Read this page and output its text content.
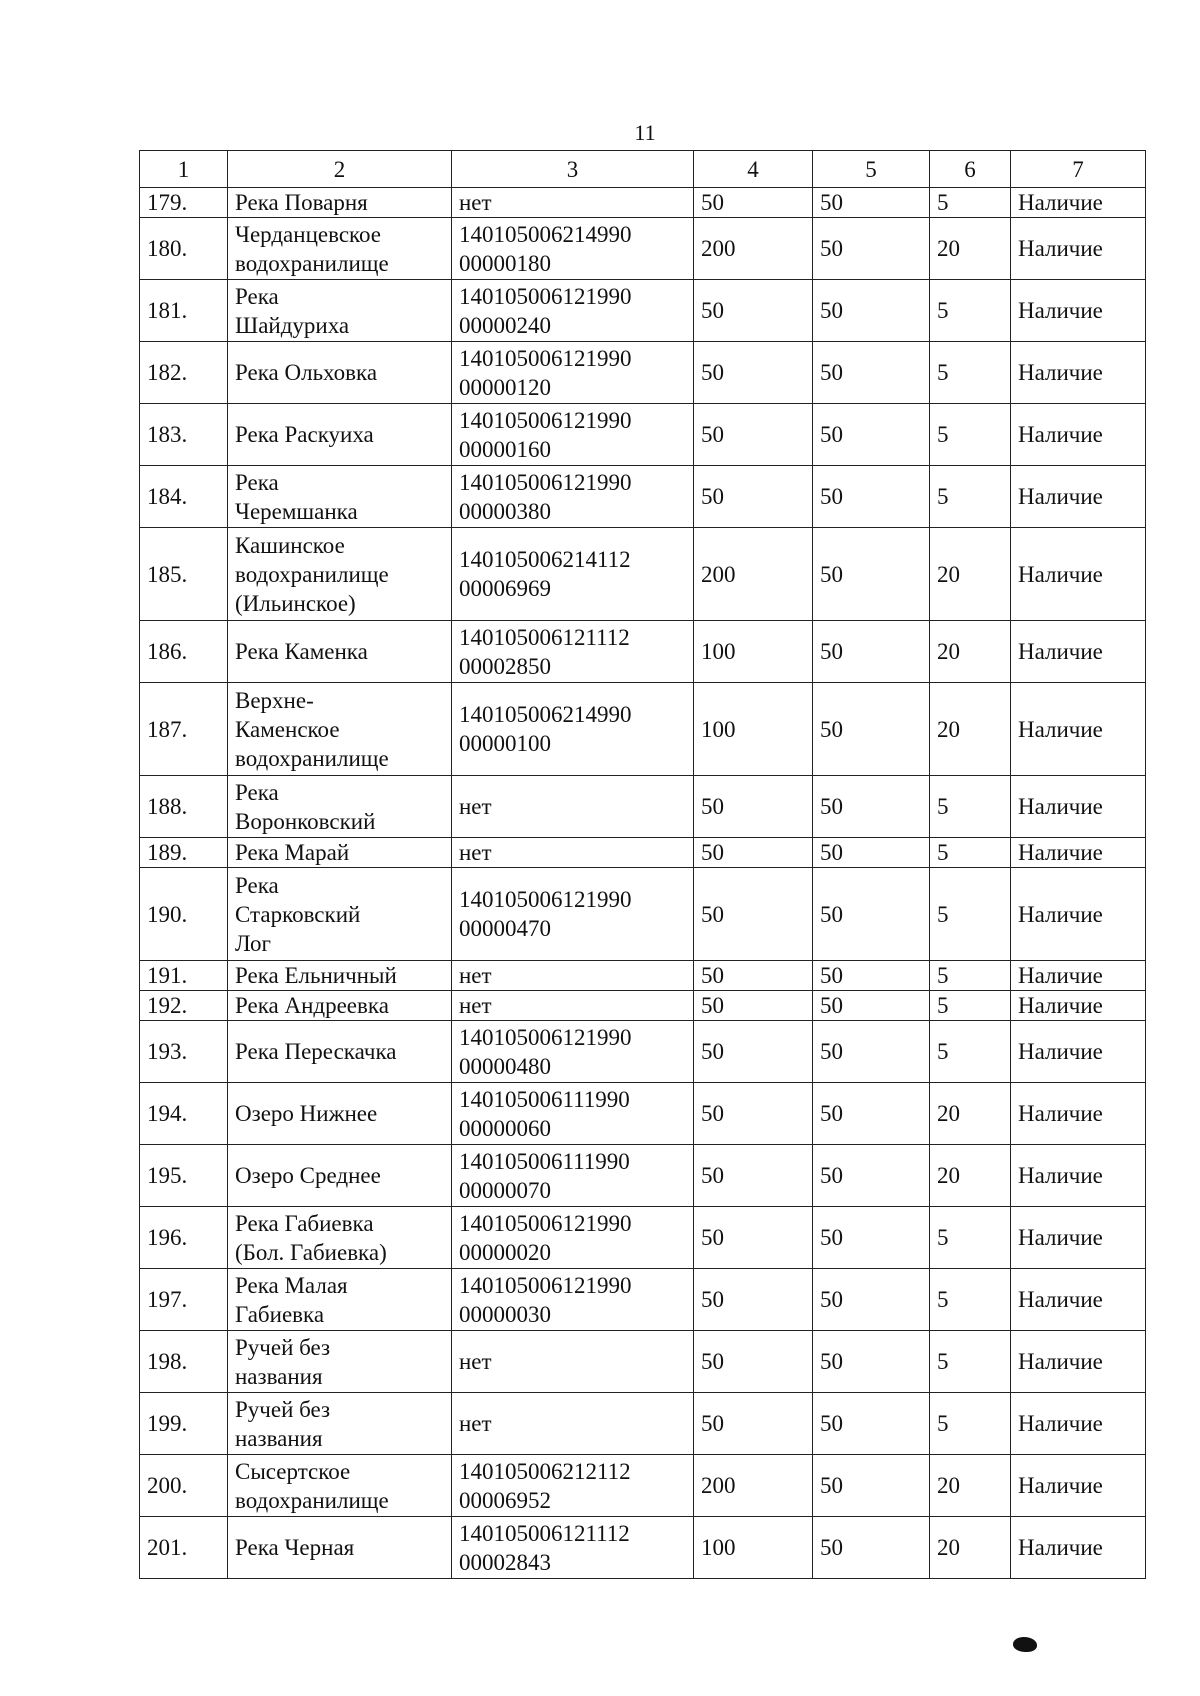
11
1	2	3	4	5	6	7
179.	Река Поварня	нет	50	50	5	Наличие
180.	Черданцевское
водохранилище	140105006214990
00000180	200	50	20	Наличие
181.	Река
Шайдуриха	140105006121990
00000240	50	50	5	Наличие
182.	Река Ольховка	140105006121990
00000120	50	50	5	Наличие
183.	Река Раскуиха	140105006121990
00000160	50	50	5	Наличие
184.	Река
Черемшанка	140105006121990
00000380	50	50	5	Наличие
185.	Кашинское
водохранилище
(Ильинское)	140105006214112
00006969	200	50	20	Наличие
186.	Река Каменка	140105006121112
00002850	100	50	20	Наличие
187.	Верхне-
Каменское
водохранилище	140105006214990
00000100	100	50	20	Наличие
188.	Река
Воронковский	нет	50	50	5	Наличие
189.	Река Марай	нет	50	50	5	Наличие
190.	Река
Старковский
Лог	140105006121990
00000470	50	50	5	Наличие
191.	Река Ельничный	нет	50	50	5	Наличие
192.	Река Андреевка	нет	50	50	5	Наличие
193.	Река Перескачка	140105006121990
00000480	50	50	5	Наличие
194.	Озеро Нижнее	140105006111990
00000060	50	50	20	Наличие
195.	Озеро Среднее	140105006111990
00000070	50	50	20	Наличие
196.	Река Габиевка
(Бол. Габиевка)	140105006121990
00000020	50	50	5	Наличие
197.	Река Малая
Габиевка	140105006121990
00000030	50	50	5	Наличие
198.	Ручей без
названия	нет	50	50	5	Наличие
199.	Ручей без
названия	нет	50	50	5	Наличие
200.	Сысертское
водохранилище	140105006212112
00006952	200	50	20	Наличие
201.	Река Черная	140105006121112
00002843	100	50	20	Наличие
